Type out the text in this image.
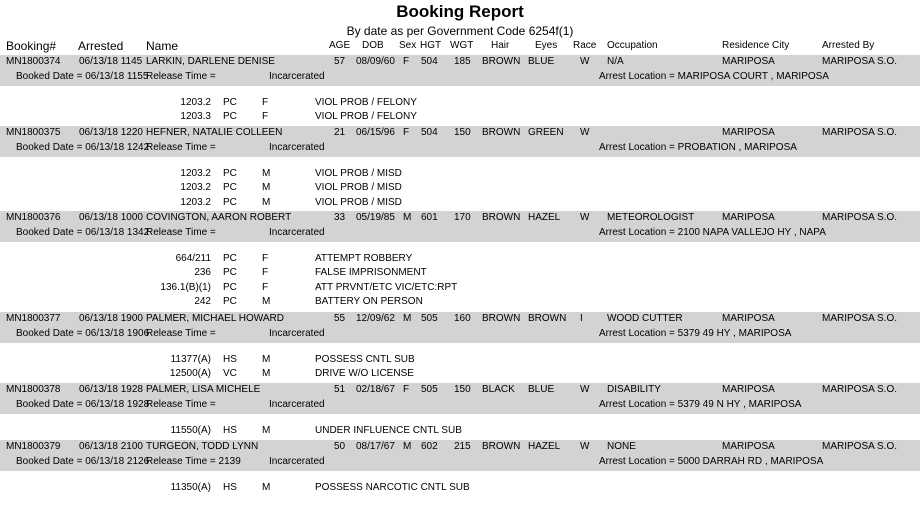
Booking Report
By date as per Government Code 6254f(1)
Booking# Arrested Name	AGE DOB Sex HGT WGT Hair	Eyes Race Occupation	Residence City	Arrested By
MN1800374 06/13/18 1145 LARKIN, DARLENE DENISE	57 08/09/60 F 504 185 BROWN BLUE	W N/A	MARIPOSA	MARIPOSA S.O.
Booked Date = 06/13/18 1155
Release Time =	Incarcerated	Arrest Location = MARIPOSA COURT , MARIPOSA
1203.2 PC	F	VIOL PROB / FELONY
1203.3 PC	F	VIOL PROB / FELONY
MN1800375 06/13/18 1220 HEFNER, NATALIE COLLEEN	21 06/15/96 F 504 150 BROWN GREEN W	MARIPOSA	MARIPOSA S.O.
Booked Date = 06/13/18 1242
Release Time =	Incarcerated	Arrest Location = PROBATION , MARIPOSA
1203.2 PC	M	VIOL PROB / MISD
1203.2 PC	M	VIOL PROB / MISD
1203.2 PC	M	VIOL PROB / MISD
MN1800376 06/13/18 1000 COVINGTON, AARON ROBERT	33 05/19/85 M 601 170 BROWN HAZEL W METEOROLOGIST	MARIPOSA	MARIPOSA S.O.
Booked Date = 06/13/18 1342
Release Time =	Incarcerated	Arrest Location = 2100 NAPA VALLEJO HY , NAPA
664/211 PC	F	ATTEMPT ROBBERY
236 PC	F	FALSE IMPRISONMENT
136.1(B)(1) PC	F	ATT PRVNT/ETC VIC/ETC:RPT
242 PC	M	BATTERY ON PERSON
MN1800377 06/13/18 1900 PALMER, MICHAEL HOWARD	55 12/09/62 M 505 160 BROWN BROWN I WOOD CUTTER	MARIPOSA	MARIPOSA S.O.
Booked Date = 06/13/18 1906
Release Time =	Incarcerated	Arrest Location = 5379 49 HY , MARIPOSA
11377(A) HS	M	POSSESS CNTL SUB
12500(A) VC	M	DRIVE W/O LICENSE
MN1800378 06/13/18 1928 PALMER, LISA MICHELE	51 02/18/67 F 505 150 BLACK BLUE	W DISABILITY	MARIPOSA	MARIPOSA S.O.
Booked Date = 06/13/18 1928
Release Time =	Incarcerated	Arrest Location = 5379 49 N HY , MARIPOSA
11550(A) HS	M	UNDER INFLUENCE CNTL SUB
MN1800379 06/13/18 2100 TURGEON, TODD LYNN	50 08/17/67 M 602 215 BROWN HAZEL W NONE	MARIPOSA	MARIPOSA S.O.
Booked Date = 06/13/18 2126
Release Time = 2139	Incarcerated	Arrest Location = 5000 DARRAH RD , MARIPOSA
11350(A) HS	M	POSSESS NARCOTIC CNTL SUB
